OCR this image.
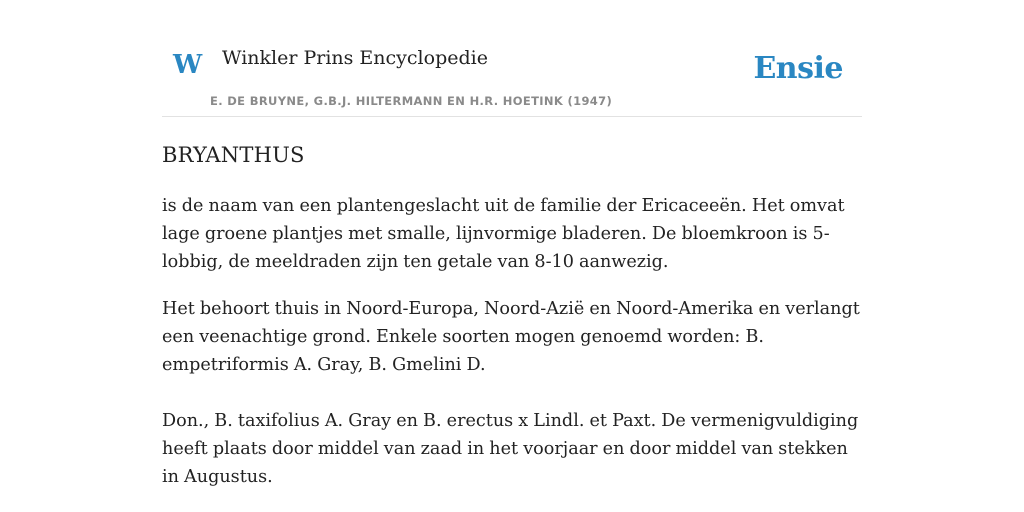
W Winkler Prins Encyclopedie
E. DE BRUYNE, G.B.J. HILTERMANN EN H.R. HOETINK (1947)
Ensie
BRYANTHUS

is de naam van een plantengeslacht uit de familie der Ericaceeën. Het omvat lage groene plantjes met smalle, lijnvormige bladeren. De bloemkroon is 5-lobbig, de meeldraden zijn ten getale van 8-10 aanwezig.

Het behoort thuis in Noord-Europa, Noord-Azië en Noord-Amerika en verlangt een veenachtige grond. Enkele soorten mogen genoemd worden: B. empetriformis A. Gray, B. Gmelini D.

Don., B. taxifolius A. Gray en B. erectus x Lindl. et Paxt. De vermenigvuldiging heeft plaats door middel van zaad in het voorjaar en door middel van stekken in Augustus.
